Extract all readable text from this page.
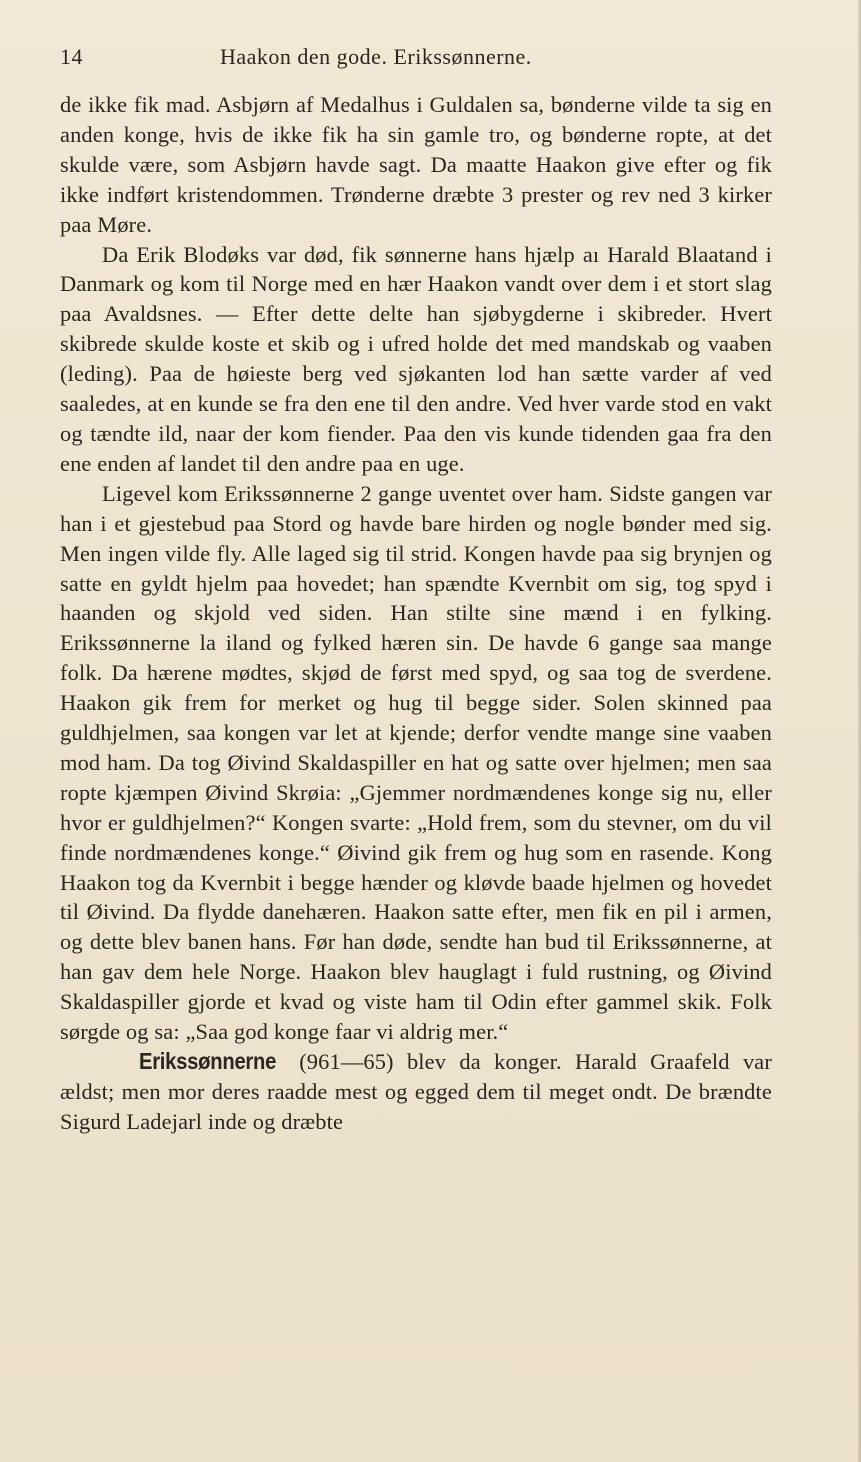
14	Haakon den gode. Erikssønnerne.

de ikke fik mad. Asbjørn af Medalhus i Guldalen sa, bønderne vilde ta sig en anden konge, hvis de ikke fik ha sin gamle tro, og bønderne ropte, at det skulde være, som Asbjørn havde sagt. Da maatte Haakon give efter og fik ikke indført kristendommen. Trønderne dræbte 3 prester og rev ned 3 kirker paa Møre.

Da Erik Blodøks var død, fik sønnerne hans hjælp aı Harald Blaatand i Danmark og kom til Norge med en hær Haakon vandt over dem i et stort slag paa Avaldsnes. — Efter dette delte han sjøbygderne i skibreder. Hvert skibrede skulde koste et skib og i ufred holde det med mandskab og vaaben (leding). Paa de høieste berg ved sjøkanten lod han sætte varder af ved saaledes, at en kunde se fra den ene til den andre. Ved hver varde stod en vakt og tændte ild, naar der kom fiender. Paa den vis kunde tidenden gaa fra den ene enden af landet til den andre paa en uge.

Ligevel kom Erikssønnerne 2 gange uventet over ham. Sidste gangen var han i et gjestebud paa Stord og havde bare hirden og nogle bønder med sig. Men ingen vilde fly. Alle laged sig til strid. Kongen havde paa sig brynjen og satte en gyldt hjelm paa hovedet; han spændte Kvernbit om sig, tog spyd i haanden og skjold ved siden. Han stilte sine mænd i en fylking. Erikssønnerne la iland og fylked hæren sin. De havde 6 gange saa mange folk. Da hærene mødtes, skjød de først med spyd, og saa tog de sverdene. Haakon gik frem for merket og hug til begge sider. Solen skinned paa guldhjelmen, saa kongen var let at kjende; derfor vendte mange sine vaaben mod ham. Da tog Øivind Skaldaspiller en hat og satte over hjelmen; men saa ropte kjæmpen Øivind Skrøia: „Gjemmer nordmændenes konge sig nu, eller hvor er guldhjelmen?“ Kongen svarte: „Hold frem, som du stevner, om du vil finde nordmændenes konge.“ Øivind gik frem og hug som en rasende. Kong Haakon tog da Kvernbit i begge hænder og kløvde baade hjelmen og hovedet til Øivind. Da flydde danehæren. Haakon satte efter, men fik en pil i armen, og dette blev banen hans. Før han døde, sendte han bud til Erikssønnerne, at han gav dem hele Norge. Haakon blev hauglagt i fuld rustning, og Øivind Skaldaspiller gjorde et kvad og viste ham til Odin efter gammel skik. Folk sørgde og sa: „Saa god konge faar vi aldrig mer.“

Erikssønnerne (961—65) blev da konger. Harald Graafeld var ældst; men mor deres raadde mest og egged dem til meget ondt. De brændte Sigurd Ladejarl inde og dræbte
